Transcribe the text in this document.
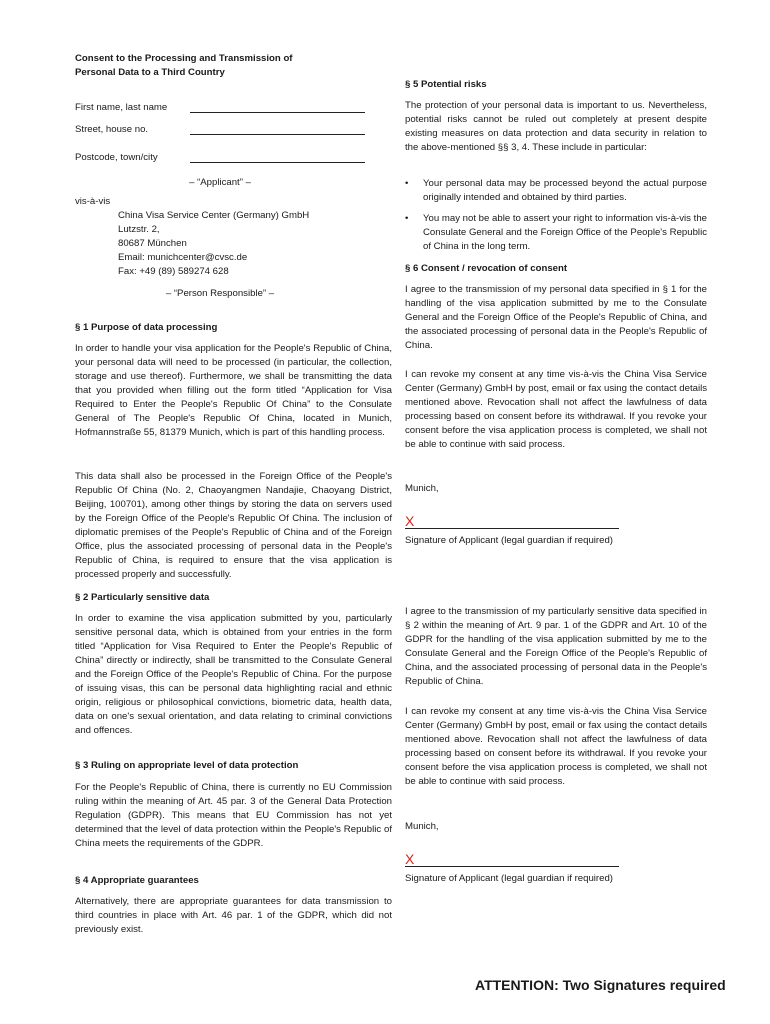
Consent to the Processing and Transmission of
Personal Data to a Third Country
First name, last name
Street, house no.
Postcode, town/city
– “Applicant” –
vis-à-vis
China Visa Service Center (Germany) GmbH
Lutzstr. 2,
80687 München
Email: munichcenter@cvsc.de
Fax: +49 (89) 589274 628
– “Person Responsible” –

§ 1 Purpose of data processing

In order to handle your visa application for the People's Republic of China, your personal data will need to be processed (in particular, the collection, storage and use thereof). Furthermore, we shall be transmitting the data that you provided when filling out the form titled “Application for Visa Required to Enter the People's Republic Of China” to the Consulate General of The People's Republic Of China, located in Munich, Hofmannstraße 55, 81379 Munich, which is part of this handling process.

This data shall also be processed in the Foreign Office of the People's Republic Of China (No. 2, Chaoyangmen Nandajie, Chaoyang District, Beijing, 100701), among other things by storing the data on servers used by the Foreign Office of the People's Republic Of China. The inclusion of diplomatic premises of the People's Republic of China and of the Foreign Office, plus the associated processing of personal data in the People's Republic of China, is required to ensure that the visa application is processed properly and successfully.

§ 2 Particularly sensitive data

In order to examine the visa application submitted by you, particularly sensitive personal data, which is obtained from your entries in the form titled “Application for Visa Required to Enter the People's Republic of China” directly or indirectly, shall be transmitted to the Consulate General and the Foreign Office of the People's Republic of China. For the purpose of issuing visas, this can be personal data highlighting racial and ethnic origin, religious or philosophical convictions, biometric data, health data, data on one's sexual orientation, and data relating to criminal convictions and offences.

§ 3 Ruling on appropriate level of data protection

For the People's Republic of China, there is currently no EU Commission ruling within the meaning of Art. 45 par. 3 of the General Data Protection Regulation (GDPR). This means that EU Commission has not yet determined that the level of data protection within the People's Republic of China meets the requirements of the GDPR.

§ 4 Appropriate guarantees

Alternatively, there are appropriate guarantees for data transmission to third countries in place with Art. 46 par. 1 of the GDPR, which did not previously exist.

§ 5 Potential risks

The protection of your personal data is important to us. Nevertheless, potential risks cannot be ruled out completely at present despite existing measures on data protection and data security in relation to the above-mentioned §§ 3, 4. These include in particular:

• Your personal data may be processed beyond the actual purpose originally intended and obtained by third parties.
• You may not be able to assert your right to information vis-à-vis the Consulate General and the Foreign Office of the People's Republic of China in the long term.

§ 6 Consent / revocation of consent

I agree to the transmission of my personal data specified in § 1 for the handling of the visa application submitted by me to the Consulate General and the Foreign Office of the People's Republic of China, and the associated processing of personal data in the People's Republic of China.

I can revoke my consent at any time vis-à-vis the China Visa Service Center (Germany) GmbH by post, email or fax using the contact details mentioned above. Revocation shall not affect the lawfulness of data processing based on consent before its withdrawal. If you revoke your consent before the visa application process is completed, we shall not be able to continue with said process.

Munich,
X
Signature of Applicant (legal guardian if required)

I agree to the transmission of my particularly sensitive data specified in § 2 within the meaning of Art. 9 par. 1 of the GDPR and Art. 10 of the GDPR for the handling of the visa application submitted by me to the Consulate General and the Foreign Office of the People's Republic of China, and the associated processing of personal data in the People's Republic of China.

I can revoke my consent at any time vis-à-vis the China Visa Service Center (Germany) GmbH by post, email or fax using the contact details mentioned above. Revocation shall not affect the lawfulness of data processing based on consent before its withdrawal. If you revoke your consent before the visa application process is completed, we shall not be able to continue with said process.

Munich,
X
Signature of Applicant (legal guardian if required)
ATTENTION: Two Signatures required
